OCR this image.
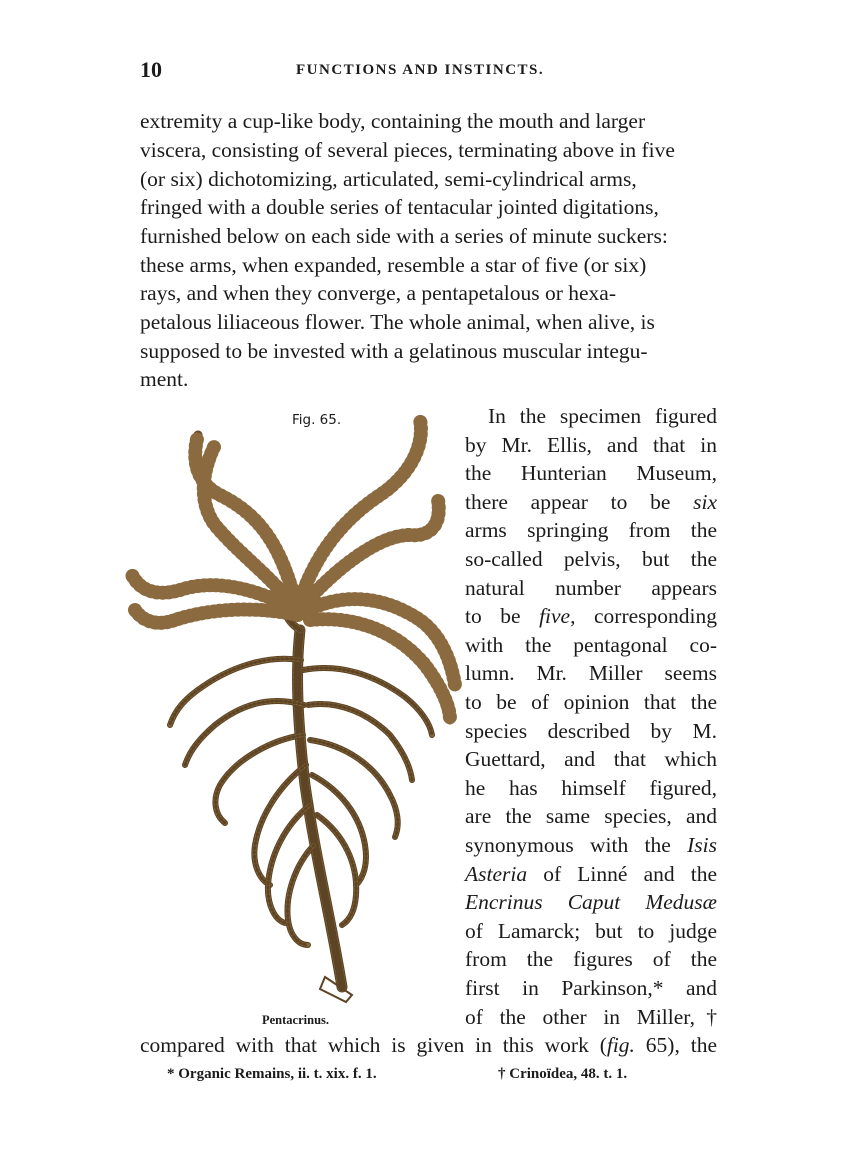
10	FUNCTIONS AND INSTINCTS.
extremity a cup-like body, containing the mouth and larger
viscera, consisting of several pieces, terminating above in five
(or six) dichotomizing, articulated, semi-cylindrical arms,
fringed with a double series of tentacular jointed digitations,
furnished below on each side with a series of minute suckers:
these arms, when expanded, resemble a star of five (or six)
rays, and when they converge, a pentapetalous or hexa-
petalous liliaceous flower. The whole animal, when alive, is
supposed to be invested with a gelatinous muscular integu-
ment.
Fig. 65.
Pentacrinus.
In the specimen figured
by Mr. Ellis, and that in
the Hunterian Museum,
there appear to be six
arms springing from the
so-called pelvis, but the
natural number appears
to be five, corresponding
with the pentagonal co-
lumn. Mr. Miller seems
to be of opinion that the
species described by M.
Guettard, and that which
he has himself figured,
are the same species, and
synonymous with the Isis
Asteria of Linné and the
Encrinus Caput Medusæ
of Lamarck; but to judge
from the figures of the
first in Parkinson,* and
of the other in Miller,†
compared with that which is given in this work (fig. 65), the
* Organic Remains, ii. t. xix. f. 1.	† Crinoïdea, 48. t. 1.
